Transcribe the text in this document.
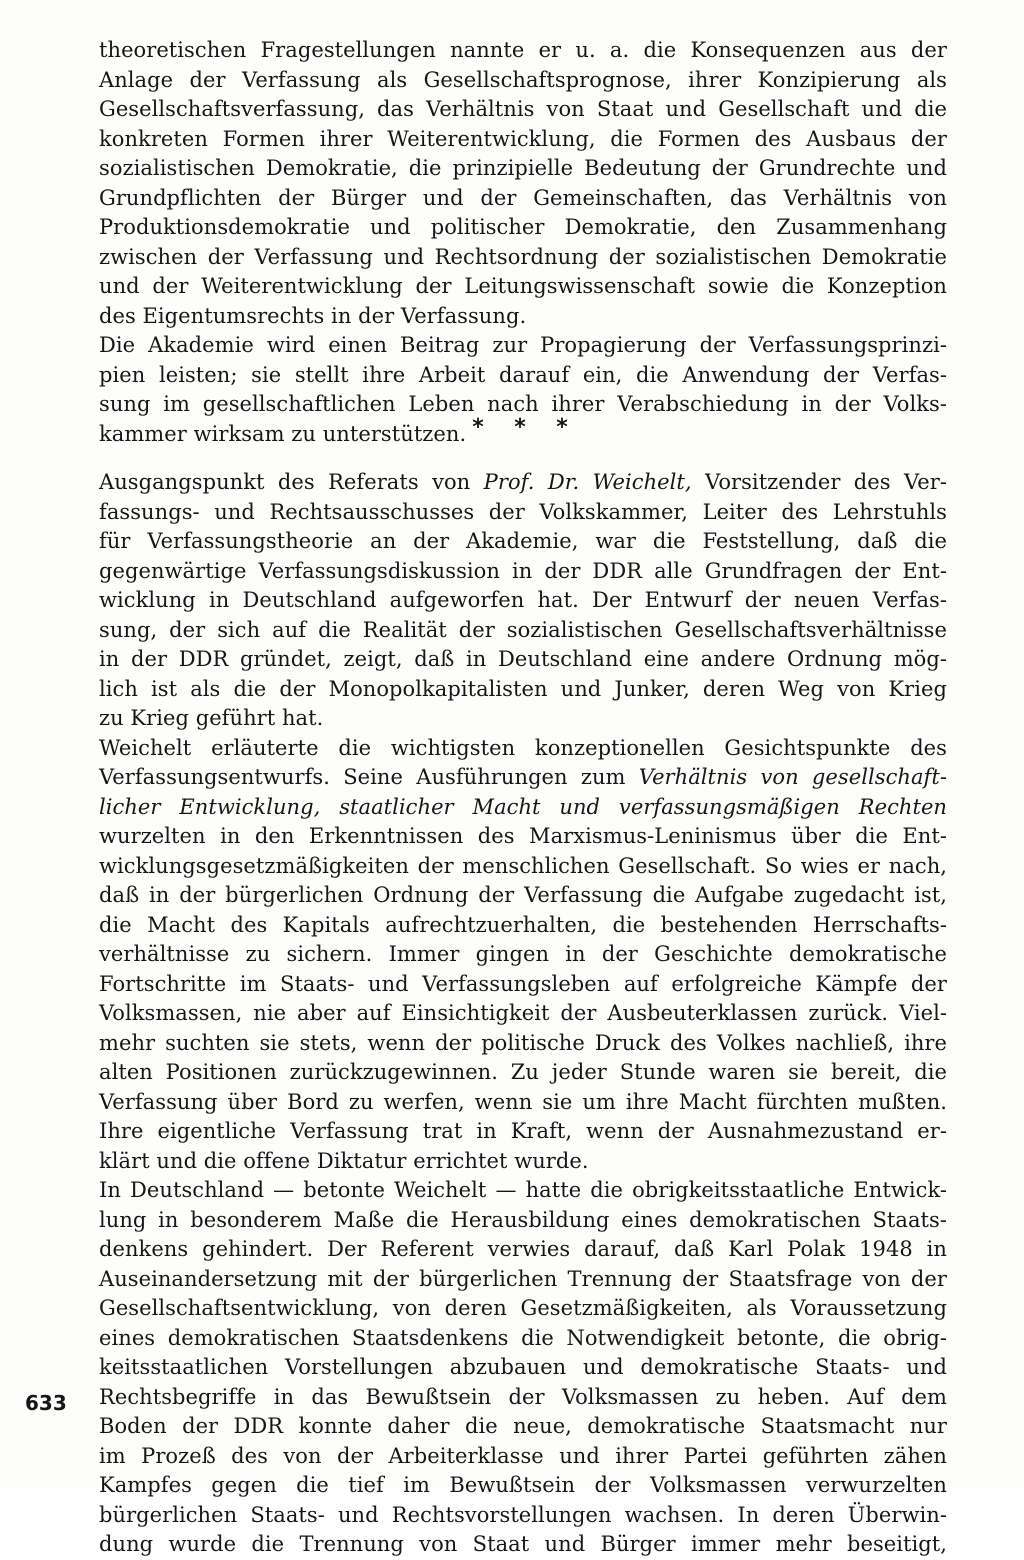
theoretischen Fragestellungen nannte er u. a. die Konsequenzen aus der
Anlage der Verfassung als Gesellschaftsprognose, ihrer Konzipierung als
Gesellschaftsverfassung, das Verhältnis von Staat und Gesellschaft und die
konkreten Formen ihrer Weiterentwicklung, die Formen des Ausbaus der
sozialistischen Demokratie, die prinzipielle Bedeutung der Grundrechte und
Grundpflichten der Bürger und der Gemeinschaften, das Verhältnis von
Produktionsdemokratie und politischer Demokratie, den Zusammenhang
zwischen der Verfassung und Rechtsordnung der sozialistischen Demokratie
und der Weiterentwicklung der Leitungswissenschaft sowie die Konzeption
des Eigentumsrechts in der Verfassung.
Die Akademie wird einen Beitrag zur Propagierung der Verfassungsprinzi-
pien leisten; sie stellt ihre Arbeit darauf ein, die Anwendung der Verfas-
sung im gesellschaftlichen Leben nach ihrer Verabschiedung in der Volks-
kammer wirksam zu unterstützen. * * *
Ausgangspunkt des Referats von Prof. Dr. Weichelt, Vorsitzender des Ver-
fassungs- und Rechtsausschusses der Volkskammer, Leiter des Lehrstuhls
für Verfassungstheorie an der Akademie, war die Feststellung, daß die
gegenwärtige Verfassungsdiskussion in der DDR alle Grundfragen der Ent-
wicklung in Deutschland aufgeworfen hat. Der Entwurf der neuen Verfas-
sung, der sich auf die Realität der sozialistischen Gesellschaftsverhältnisse
in der DDR gründet, zeigt, daß in Deutschland eine andere Ordnung mög-
lich ist als die der Monopolkapitalisten und Junker, deren Weg von Krieg
zu Krieg geführt hat.
Weichelt erläuterte die wichtigsten konzeptionellen Gesichtspunkte des
Verfassungsentwurfs. Seine Ausführungen zum Verhältnis von gesellschaft-
licher Entwicklung, staatlicher Macht und verfassungsmäßigen Rechten
wurzelten in den Erkenntnissen des Marxismus-Leninismus über die Ent-
wicklungsgesetzmäßigkeiten der menschlichen Gesellschaft. So wies er nach,
daß in der bürgerlichen Ordnung der Verfassung die Aufgabe zugedacht ist,
die Macht des Kapitals aufrechtzuerhalten, die bestehenden Herrschafts-
verhältnisse zu sichern. Immer gingen in der Geschichte demokratische
Fortschritte im Staats- und Verfassungsleben auf erfolgreiche Kämpfe der
Volksmassen, nie aber auf Einsichtigkeit der Ausbeuterklassen zurück. Viel-
mehr suchten sie stets, wenn der politische Druck des Volkes nachließ, ihre
alten Positionen zurückzugewinnen. Zu jeder Stunde waren sie bereit, die
Verfassung über Bord zu werfen, wenn sie um ihre Macht fürchten mußten.
Ihre eigentliche Verfassung trat in Kraft, wenn der Ausnahmezustand er-
klärt und die offene Diktatur errichtet wurde.
In Deutschland — betonte Weichelt — hatte die obrigkeitsstaatliche Entwick-
lung in besonderem Maße die Herausbildung eines demokratischen Staats-
denkens gehindert. Der Referent verwies darauf, daß Karl Polak 1948 in
Auseinandersetzung mit der bürgerlichen Trennung der Staatsfrage von der
Gesellschaftsentwicklung, von deren Gesetzmäßigkeiten, als Voraussetzung
eines demokratischen Staatsdenkens die Notwendigkeit betonte, die obrig-
keitsstaatlichen Vorstellungen abzubauen und demokratische Staats- und
Rechtsbegriffe in das Bewußtsein der Volksmassen zu heben. Auf dem
Boden der DDR konnte daher die neue, demokratische Staatsmacht nur
im Prozeß des von der Arbeiterklasse und ihrer Partei geführten zähen
Kampfes gegen die tief im Bewußtsein der Volksmassen verwurzelten
bürgerlichen Staats- und Rechtsvorstellungen wachsen. In deren Überwin-
dung wurde die Trennung von Staat und Bürger immer mehr beseitigt,
633
